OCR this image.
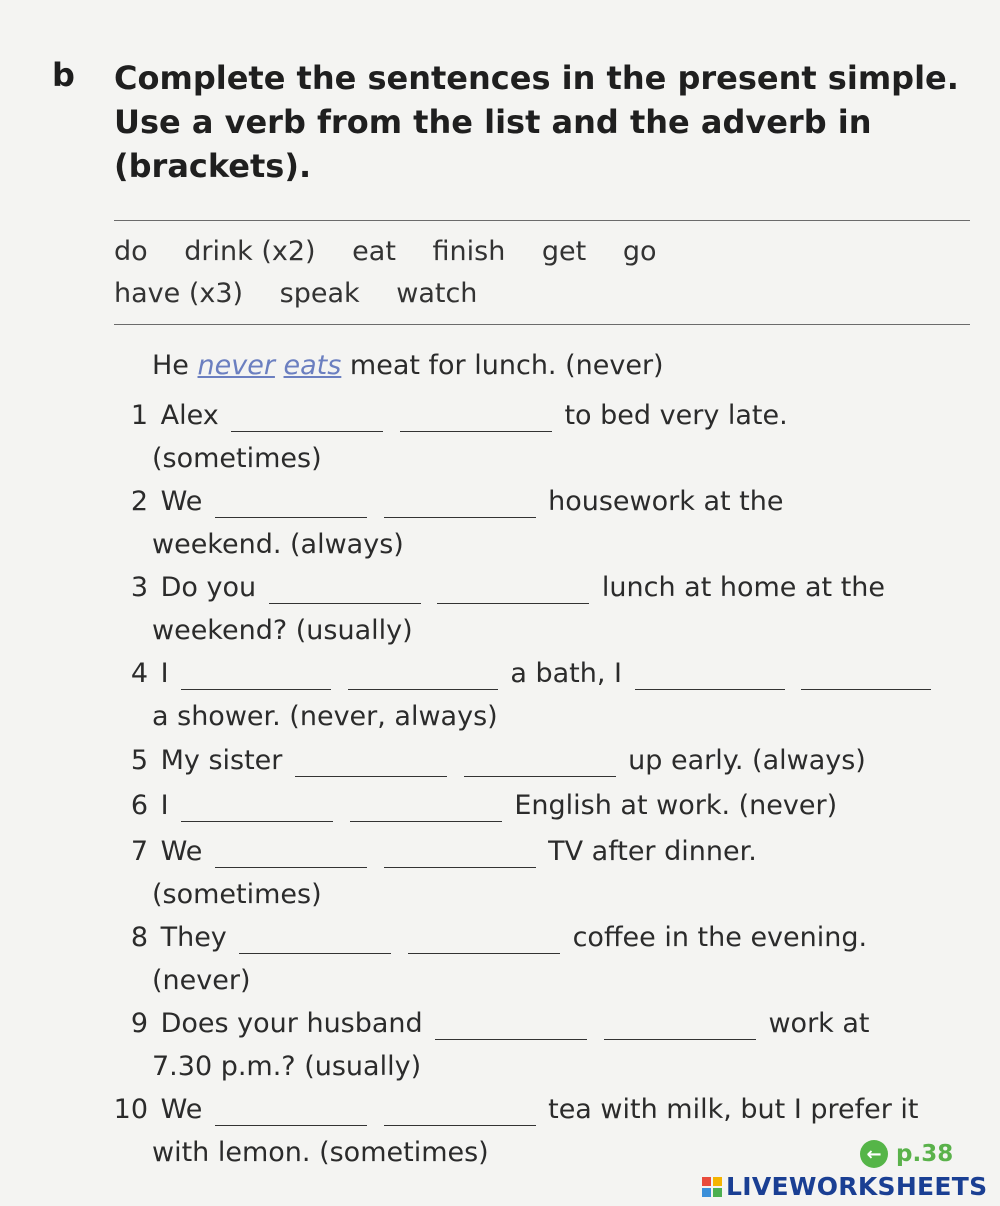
b Complete the sentences in the present simple.
Use a verb from the list and the adverb in
(brackets).
do drink (x2) eat finish get go
have (x3) speak watch
He never eats meat for lunch. (never)
1 Alex	to bed very late.
(sometimes)
2 We	housework at the
weekend. (always)
3 Do you	lunch at home at the
weekend? (usually)
4 I	a bath, I
a shower. (never, always)
5 My sister	up early. (always)
6 I	English at work. (never)
7 We	TV after dinner.
(sometimes)
8 They	coffee in the evening.
(never)
9 Does your husband	work at
7.30 p.m.? (usually)
10 We	tea with milk, but I prefer it
with lemon. (sometimes)	← p.38
LIVEWORKSHEETS
